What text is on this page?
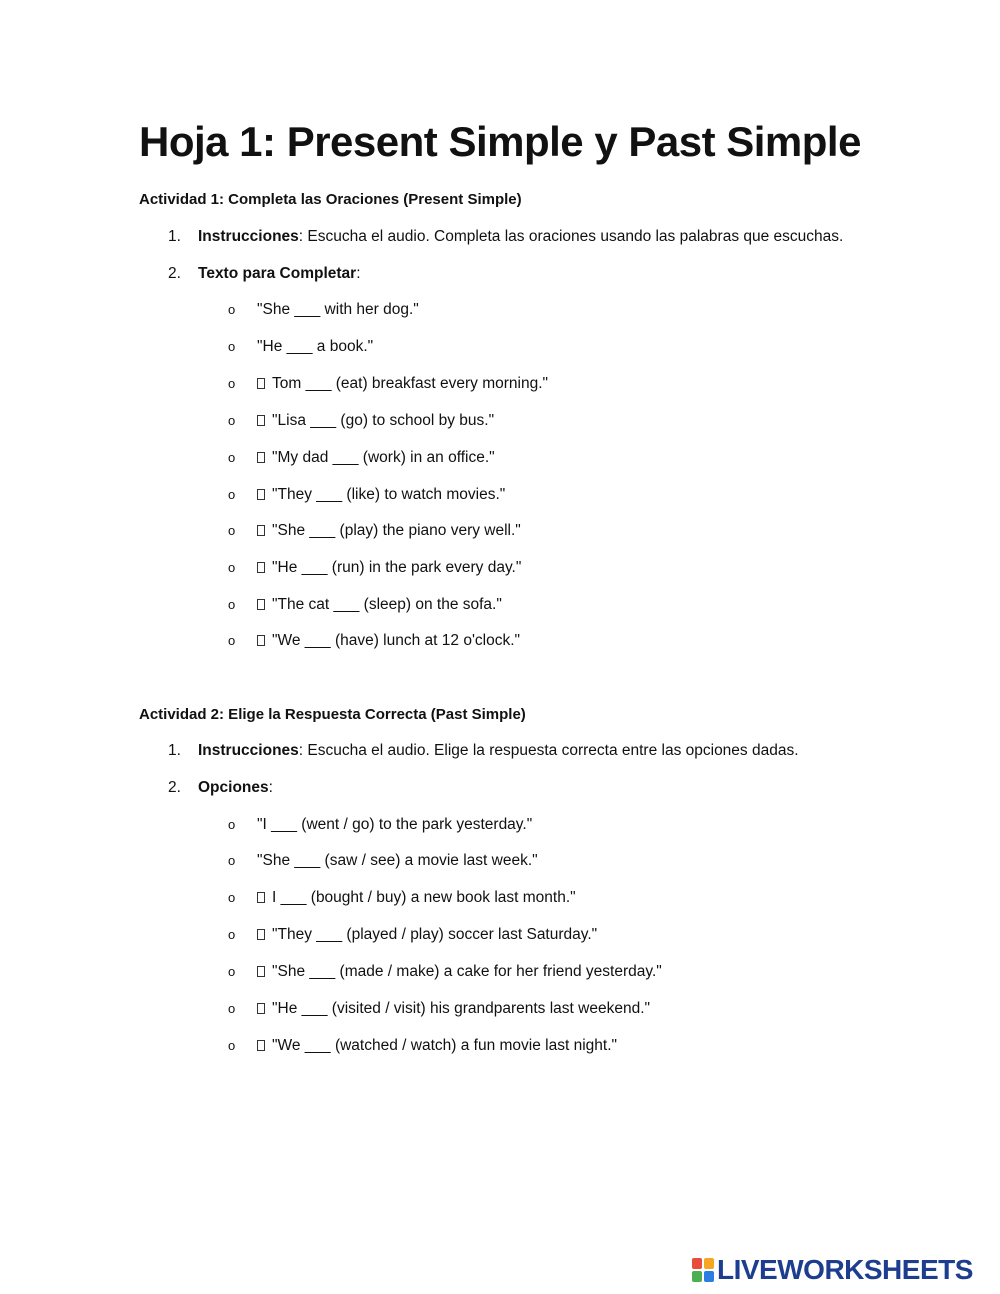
Hoja 1: Present Simple y Past Simple
Actividad 1: Completa las Oraciones (Present Simple)
1. Instrucciones: Escucha el audio. Completa las oraciones usando las palabras que escuchas.
2. Texto para Completar:
o "She ___ with her dog."
o "He ___ a book."
o Tom ___ (eat) breakfast every morning."
o "Lisa ___ (go) to school by bus."
o "My dad ___ (work) in an office."
o "They ___ (like) to watch movies."
o "She ___ (play) the piano very well."
o "He ___ (run) in the park every day."
o "The cat ___ (sleep) on the sofa."
o "We ___ (have) lunch at 12 o'clock."
Actividad 2: Elige la Respuesta Correcta (Past Simple)
1. Instrucciones: Escucha el audio. Elige la respuesta correcta entre las opciones dadas.
2. Opciones:
o "I ___ (went / go) to the park yesterday."
o "She ___ (saw / see) a movie last week."
o I ___ (bought / buy) a new book last month."
o "They ___ (played / play) soccer last Saturday."
o "She ___ (made / make) a cake for her friend yesterday."
o "He ___ (visited / visit) his grandparents last weekend."
o "We ___ (watched / watch) a fun movie last night."
LIVEWORKSHEETS
